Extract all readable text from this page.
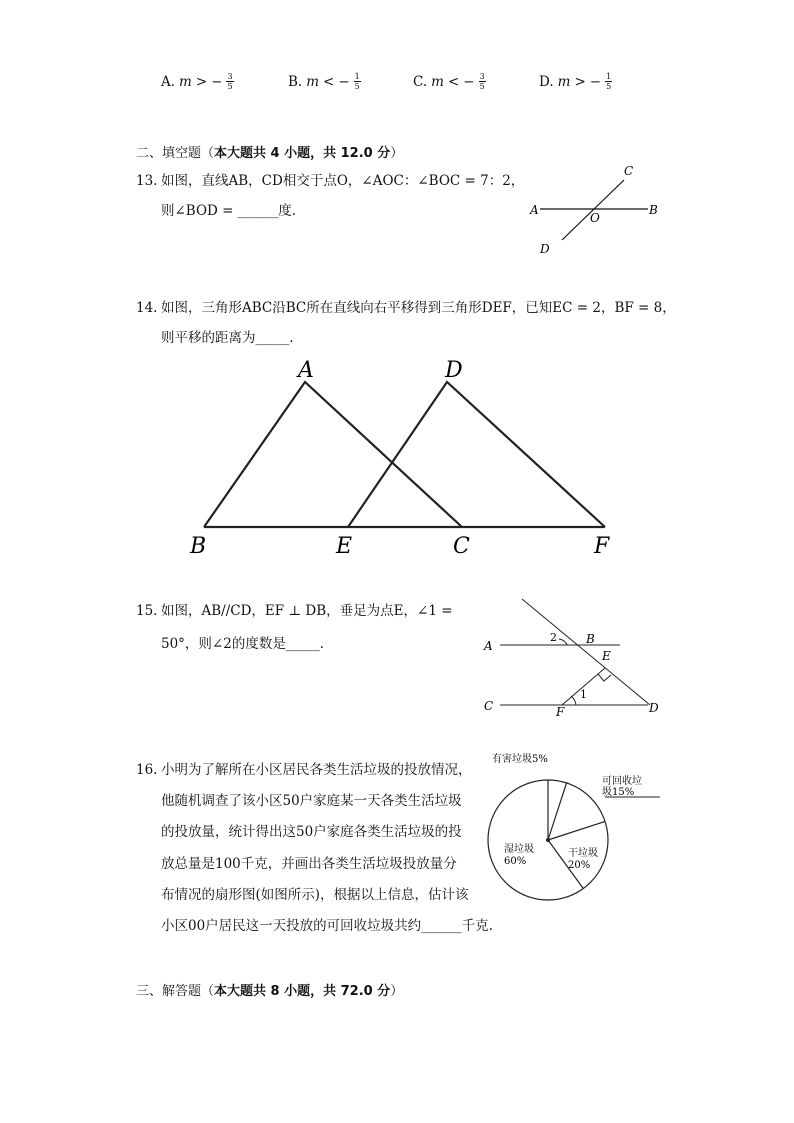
A. m > − $\frac{3}{5}$	B. m < − $\frac{1}{5}$	C. m < − $\frac{3}{5}$	D. m > − $\frac{1}{5}$
二、填空题（本大题共 4 小题，共 12.0 分）
13. 如图，直线AB，CD相交于点O，∠AOC：∠BOC = 7：2，
则∠BOD = ______度.	A	B
C
D
O
14. 如图，三角形ABC沿BC所在直线向右平移得到三角形DEF，已知EC = 2，BF = 8，
则平移的距离为_____.
A	D
B	E	C	F
15. 如图，AB//CD，EF ⊥ DB，垂足为点E，∠1 =
50°，则∠2的度数是_____.	A	B
C	D
E
F
1
2
16. 小明为了解所在小区居民各类生活垃圾的投放情况，
他随机调查了该小区50户家庭某一天各类生活垃圾
的投放量，统计得出这50户家庭各类生活垃圾的投
放总量是100千克，并画出各类生活垃圾投放量分
布情况的扇形图(如图所示)，根据以上信息，估计该
小区00户居民这一天投放的可回收垃圾共约______千克.
有害垃圾5%
可回收垃
圾15%
干垃圾
20%
湿垃圾
60%
三、解答题（本大题共 8 小题，共 72.0 分）
